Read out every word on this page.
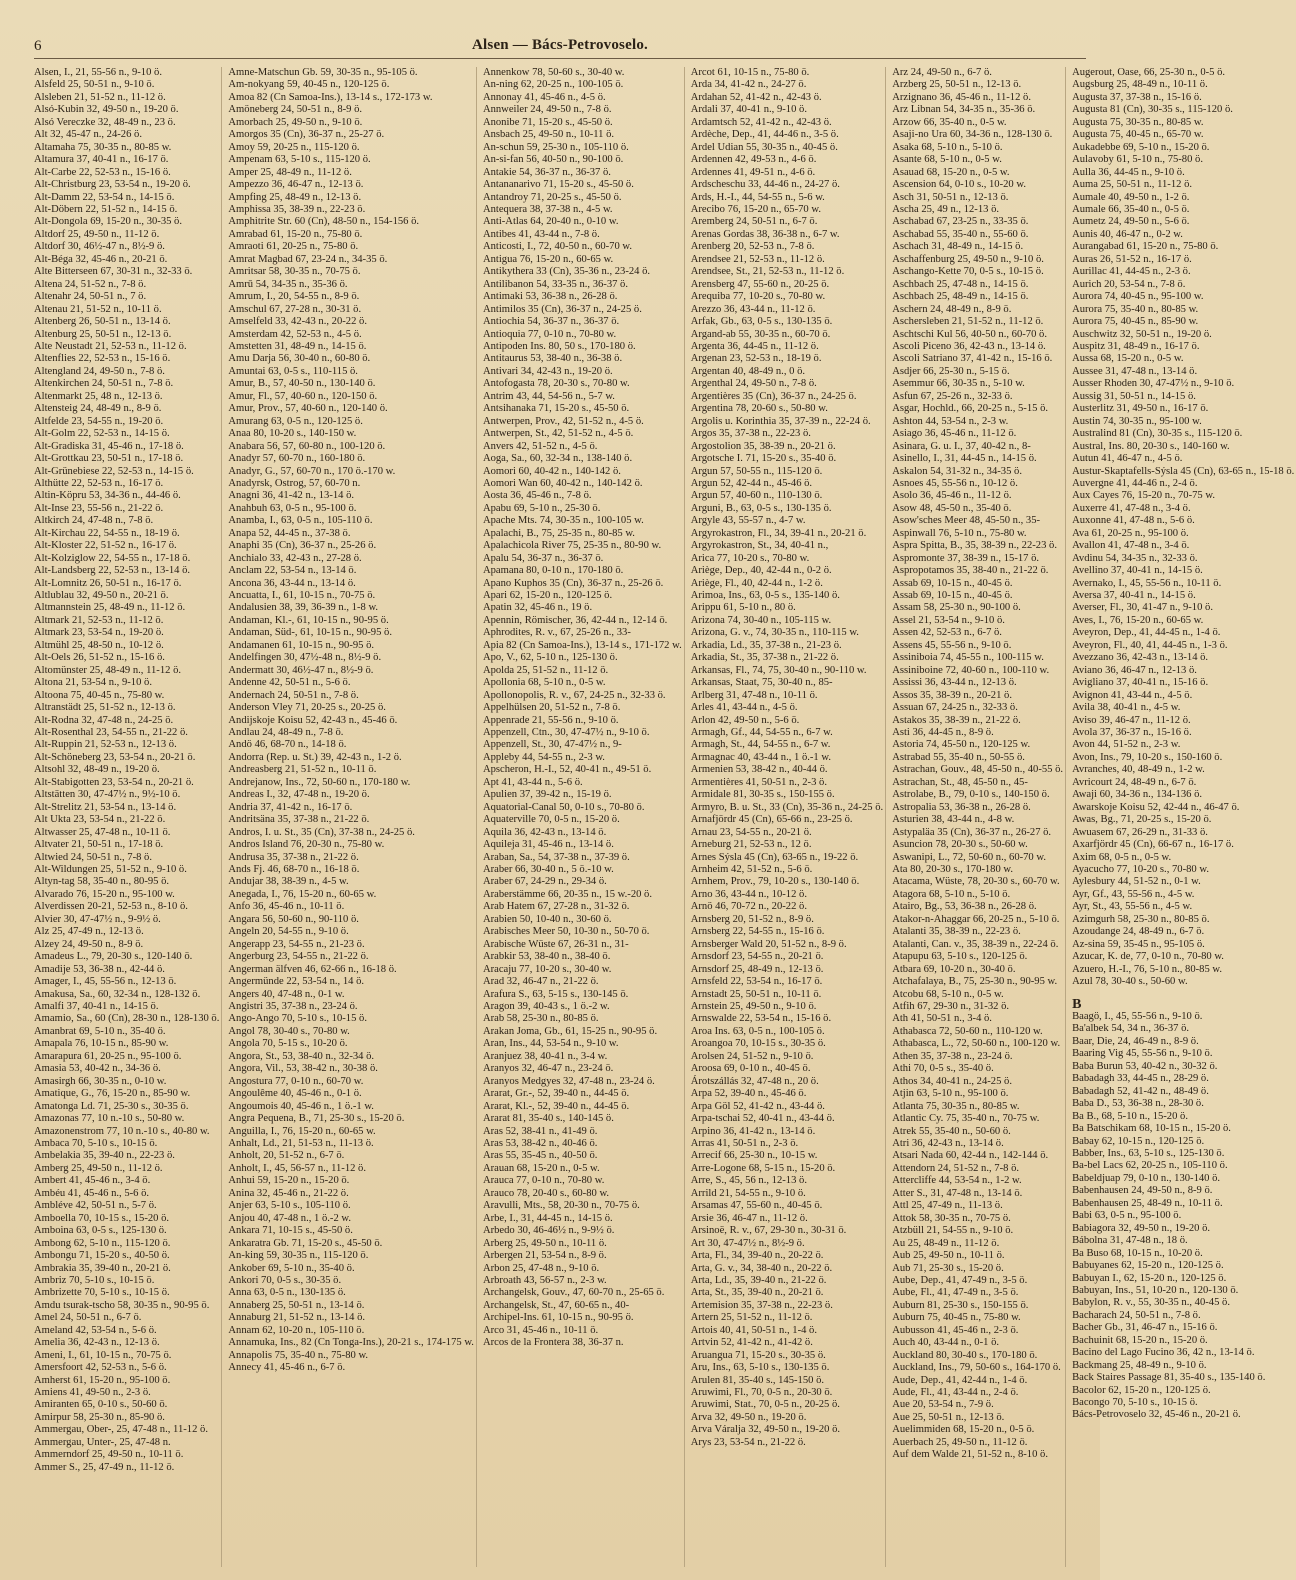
6	Alsen — Bács-Petrovoselo.
Alsen, I., 21, 55-56 n., 9-10 ö.
Alsfeld 25, 50-51 n., 9-10 ö.
Alsleben 21, 51-52 n., 11-12 ö.
Alsó-Kubin 32, 49-50 n., 19-20 ö.
Alsó Vereczke 32, 48-49 n., 23 ö.
Alt 32, 45-47 n., 24-26 ö.
Altamaha 75, 30-35 n., 80-85 w.
Altamura 37, 40-41 n., 16-17 ö.
Alt-Carbe 22, 52-53 n., 15-16 ö.
Alt-Christburg 23, 53-54 n., 19-20 ö.
Alt-Damm 22, 53-54 n., 14-15 ö.
Alt-Döbern 22, 51-52 n., 14-15 ö.
Alt-Dongola 69, 15-20 n., 30-35 ö.
Altdorf 25, 49-50 n., 11-12 ö.
Altdorf 30, 46½-47 n., 8½-9 ö.
Alt-Béga 32, 45-46 n., 20-21 ö.
Alte Bitterseen 67, 30-31 n., 32-33 ö.
Altena 24, 51-52 n., 7-8 ö.
Altenahr 24, 50-51 n., 7 ö.
Altenau 21, 51-52 n., 10-11 ö.
Altenberg 26, 50-51 n., 13-14 ö.
Altenburg 25, 50-51 n., 12-13 ö.
Alte Neustadt 21, 52-53 n., 11-12 ö.
Altenflies 22, 52-53 n., 15-16 ö.
Altengland 24, 49-50 n., 7-8 ö.
Altenkirchen 24, 50-51 n., 7-8 ö.
Altenmarkt 25, 48 n., 12-13 ö.
Altensteig 24, 48-49 n., 8-9 ö.
Altfelde 23, 54-55 n., 19-20 ö.
Alt-Golm 22, 52-53 n., 14-15 ö.
Alt-Gradiska 31, 45-46 n., 17-18 ö.
Alt-Grottkau 23, 50-51 n., 17-18 ö.
Alt-Grünebiese 22, 52-53 n., 14-15 ö.
Althütte 22, 52-53 n., 16-17 ö.
Altin-Köpru 53, 34-36 n., 44-46 ö.
Alt-Inse 23, 55-56 n., 21-22 ö.
Altkirch 24, 47-48 n., 7-8 ö.
Alt-Kirchau 22, 54-55 n., 18-19 ö.
Alt-Kloster 22, 51-52 n., 16-17 ö.
Alt-Kolziglow 22, 54-55 n., 17-18 ö.
Alt-Landsberg 22, 52-53 n., 13-14 ö.
Alt-Lomnitz 26, 50-51 n., 16-17 ö.
Altlublau 32, 49-50 n., 20-21 ö.
Altmannstein 25, 48-49 n., 11-12 ö.
Altmark 21, 52-53 n., 11-12 ö.
Altmark 23, 53-54 n., 19-20 ö.
Altmühl 25, 48-50 n., 10-12 ö.
Alt-Oels 26, 51-52 n., 15-16 ö.
Altomünster 25, 48-49 n., 11-12 ö.
Altona 21, 53-54 n., 9-10 ö.
Altoona 75, 40-45 n., 75-80 w.
Altranstädt 25, 51-52 n., 12-13 ö.
Alt-Rodna 32, 47-48 n., 24-25 ö.
Alt-Rosenthal 23, 54-55 n., 21-22 ö.
Alt-Ruppin 21, 52-53 n., 12-13 ö.
Alt-Schöneberg 23, 53-54 n., 20-21 ö.
Altsohl 32, 48-49 n., 19-20 ö.
Alt-Stabigotten 23, 53-54 n., 20-21 ö.
Altstätten 30, 47-47½ n., 9½-10 ö.
Alt-Strelitz 21, 53-54 n., 13-14 ö.
Alt Ukta 23, 53-54 n., 21-22 ö.
Altwasser 25, 47-48 n., 10-11 ö.
Altvater 21, 50-51 n., 17-18 ö.
Altwied 24, 50-51 n., 7-8 ö.
Alt-Wildungen 25, 51-52 n., 9-10 ö.
Altyn-tag 58, 35-40 n., 80-95 ö.
Alvarado 76, 15-20 n., 95-100 w.
Alverdissen 20-21, 52-53 n., 8-10 ö.
Alvier 30, 47-47½ n., 9-9½ ö.
Alz 25, 47-49 n., 12-13 ö.
Alzey 24, 49-50 n., 8-9 ö.
Amadeus L., 79, 20-30 s., 120-140 ö.
Amadije 53, 36-38 n., 42-44 ö.
Amager, I., 45, 55-56 n., 12-13 ö.
Amakusa, Sa., 60, 32-34 n., 128-132 ö.
Amalfi 37, 40-41 n., 14-15 ö.
Amamio, Sa., 60 (Cn), 28-30 n., 128-130 ö.
Amanbrat 69, 5-10 n., 35-40 ö.
Amapala 76, 10-15 n., 85-90 w.
Amarapura 61, 20-25 n., 95-100 ö.
Amasia 53, 40-42 n., 34-36 ö.
Amasirgh 66, 30-35 n., 0-10 w.
Amatique, G., 76, 15-20 n., 85-90 w.
Amatonga Ld. 71, 25-30 s., 30-35 ö.
Amazonas 77, 10 n.-10 s., 50-80 w.
Amazonenstrom 77, 10 n.-10 s., 40-80 w.
Ambaca 70, 5-10 s., 10-15 ö.
Ambelakia 35, 39-40 n., 22-23 ö.
Amberg 25, 49-50 n., 11-12 ö.
Ambert 41, 45-46 n., 3-4 ö.
Ambéu 41, 45-46 n., 5-6 ö.
Ambléve 42, 50-51 n., 5-7 ö.
Amboella 70, 10-15 s., 15-20 ö.
Amboina 63, 0-5 s., 125-130 ö.
Ambong 62, 5-10 n., 115-120 ö.
Ambongu 71, 15-20 s., 40-50 ö.
Ambrakia 35, 39-40 n., 20-21 ö.
Ambriz 70, 5-10 s., 10-15 ö.
Ambrizette 70, 5-10 s., 10-15 ö.
Amdu tsurak-tscho 58, 30-35 n., 90-95 ö.
Amel 24, 50-51 n., 6-7 ö.
Ameland 42, 53-54 n., 5-6 ö.
Amelia 36, 42-43 n., 12-13 ö.
Ameni, I., 61, 10-15 n., 70-75 ö.
Amersfoort 42, 52-53 n., 5-6 ö.
Amherst 61, 15-20 n., 95-100 ö.
Amiens 41, 49-50 n., 2-3 ö.
Amiranten 65, 0-10 s., 50-60 ö.
Amirpur 58, 25-30 n., 85-90 ö.
Ammergau, Ober-, 25, 47-48 n., 11-12 ö.
Ammergau, Unter-, 25, 47-48 n.
Ammerndorf 25, 49-50 n., 10-11 ö.
Ammer S., 25, 47-49 n., 11-12 ö.
Amne-Matschun Gb. 59, 30-35 n., 95-105 ö.
Am-nokyang 59, 40-45 n., 120-125 ö.
Amoa 82 (Cn Samoa-Ins.), 13-14 s., 172-173 w.
Amöneberg 24, 50-51 n., 8-9 ö.
Amorbach 25, 49-50 n., 9-10 ö.
Amorgos 35 (Cn), 36-37 n., 25-27 ö.
Amoy 59, 20-25 n., 115-120 ö.
Ampenam 63, 5-10 s., 115-120 ö.
Amper 25, 48-49 n., 11-12 ö.
Ampezzo 36, 46-47 n., 12-13 ö.
Ampfing 25, 48-49 n., 12-13 ö.
Amphissa 35, 38-39 n., 22-23 ö.
Amphitrite Str. 60 (Cn), 48-50 n., 154-156 ö.
Amrabad 61, 15-20 n., 75-80 ö.
Amraoti 61, 20-25 n., 75-80 ö.
Amrat Magbad 67, 23-24 n., 34-35 ö.
Amritsar 58, 30-35 n., 70-75 ö.
Amrū 54, 34-35 n., 35-36 ö.
Amrum, I., 20, 54-55 n., 8-9 ö.
Amschul 67, 27-28 n., 30-31 ö.
Amselfeld 33, 42-43 n., 20-22 ö.
Amsterdam 42, 52-53 n., 4-5 ö.
Amstetten 31, 48-49 n., 14-15 ö.
Amu Darja 56, 30-40 n., 60-80 ö.
Amuntai 63, 0-5 s., 110-115 ö.
Amur, B., 57, 40-50 n., 130-140 ö.
Amur, Fl., 57, 40-60 n., 120-150 ö.
Amur, Prov., 57, 40-60 n., 120-140 ö.
Amurang 63, 0-5 n., 120-125 ö.
Anaa 80, 10-20 s., 140-150 w.
Anabara 56, 57, 60-80 n., 100-120 ö.
Anadyr 57, 60-70 n., 160-180 ö.
Anadyr, G., 57, 60-70 n., 170 ö.-170 w.
Anadyrsk, Ostrog, 57, 60-70 n.
Anagni 36, 41-42 n., 13-14 ö.
Anahbuh 63, 0-5 n., 95-100 ö.
Anamba, I., 63, 0-5 n., 105-110 ö.
Anapa 52, 44-45 n., 37-38 ö.
Anaphi 35 (Cn), 36-37 n., 25-26 ö.
Anchialo 33, 42-43 n., 27-28 ö.
Anclam 22, 53-54 n., 13-14 ö.
Ancona 36, 43-44 n., 13-14 ö.
Ancuatta, I., 61, 10-15 n., 70-75 ö.
Andalusien 38, 39, 36-39 n., 1-8 w.
Andaman, Kl.-, 61, 10-15 n., 90-95 ö.
Andaman, Süd-, 61, 10-15 n., 90-95 ö.
Andamanen 61, 10-15 n., 90-95 ö.
Andelfingen 30, 47½-48 n., 8½-9 ö.
Andermatt 30, 46½-47 n., 8½-9 ö.
Andenne 42, 50-51 n., 5-6 ö.
Andernach 24, 50-51 n., 7-8 ö.
Anderson Vley 71, 20-25 s., 20-25 ö.
Andijskoje Koisu 52, 42-43 n., 45-46 ö.
Andlau 24, 48-49 n., 7-8 ö.
Andö 46, 68-70 n., 14-18 ö.
Andorra (Rep. u. St.) 39, 42-43 n., 1-2 ö.
Andreasberg 21, 51-52 n., 10-11 ö.
Andrejanow, Ins., 72, 50-60 n., 170-180 w.
Andreas I., 32, 47-48 n., 19-20 ö.
Andria 37, 41-42 n., 16-17 ö.
Andritsäna 35, 37-38 n., 21-22 ö.
Andros, I. u. St., 35 (Cn), 37-38 n., 24-25 ö.
Andros Island 76, 20-30 n., 75-80 w.
Andrusa 35, 37-38 n., 21-22 ö.
Ands Fj. 46, 68-70 n., 16-18 ö.
Andujar 38, 38-39 n., 4-5 w.
Anegada, I., 76, 15-20 n., 60-65 w.
Anfo 36, 45-46 n., 10-11 ö.
Angara 56, 50-60 n., 90-110 ö.
Angeln 20, 54-55 n., 9-10 ö.
Angerapp 23, 54-55 n., 21-23 ö.
Angerburg 23, 54-55 n., 21-22 ö.
Angerman älfven 46, 62-66 n., 16-18 ö.
Angermünde 22, 53-54 n., 14 ö.
Angers 40, 47-48 n., 0-1 w.
Angistri 35, 37-38 n., 23-24 ö.
Ango-Ango 70, 5-10 s., 10-15 ö.
Angol 78, 30-40 s., 70-80 w.
Angola 70, 5-15 s., 10-20 ö.
Angora, St., 53, 38-40 n., 32-34 ö.
Angora, Vil., 53, 38-42 n., 30-38 ö.
Angostura 77, 0-10 n., 60-70 w.
Angoulême 40, 45-46 n., 0-1 ö.
Angoumois 40, 45-46 n., 1 ö.-1 w.
Angra Pequena, B., 71, 25-30 s., 15-20 ö.
Anguilla, I., 76, 15-20 n., 60-65 w.
Anhalt, Ld., 21, 51-53 n., 11-13 ö.
Anholt, 20, 51-52 n., 6-7 ö.
Anholt, I., 45, 56-57 n., 11-12 ö.
Anhui 59, 15-20 n., 15-20 ö.
Anina 32, 45-46 n., 21-22 ö.
Anjer 63, 5-10 s., 105-110 ö.
Anjou 40, 47-48 n., 1 ö.-2 w.
Ankara 71, 10-15 s., 45-50 ö.
Ankaratra Gb. 71, 15-20 s., 45-50 ö.
An-king 59, 30-35 n., 115-120 ö.
Ankober 69, 5-10 n., 35-40 ö.
Ankori 70, 0-5 s., 30-35 ö.
Anna 63, 0-5 n., 130-135 ö.
Annaberg 25, 50-51 n., 13-14 ö.
Annaburg 21, 51-52 n., 13-14 ö.
Annam 62, 10-20 n., 105-110 ö.
Annamuka, Ins., 82 (Cn Tonga-Ins.), 20-21 s., 174-175 w.
Annapolis 75, 35-40 n., 75-80 w.
Annecy 41, 45-46 n., 6-7 ö.
Annenkow 78, 50-60 s., 30-40 w.
An-ning 62, 20-25 n., 100-105 ö.
Annonay 41, 45-46 n., 4-5 ö.
Annweiler 24, 49-50 n., 7-8 ö.
Anonibe 71, 15-20 s., 45-50 ö.
Ansbach 25, 49-50 n., 10-11 ö.
An-schun 59, 25-30 n., 105-110 ö.
An-si-fan 56, 40-50 n., 90-100 ö.
Antakie 54, 36-37 n., 36-37 ö.
Antananarivo 71, 15-20 s., 45-50 ö.
Antandroy 71, 20-25 s., 45-50 ö.
Antequera 38, 37-38 n., 4-5 w.
Anti-Atlas 64, 20-40 n., 0-10 w.
Antibes 41, 43-44 n., 7-8 ö.
Anticosti, I., 72, 40-50 n., 60-70 w.
Antigua 76, 15-20 n., 60-65 w.
Antikythera 33 (Cn), 35-36 n., 23-24 ö.
Antilibanon 54, 33-35 n., 36-37 ö.
Antimaki 53, 36-38 n., 26-28 ö.
Antimilos 35 (Cn), 36-37 n., 24-25 ö.
Antiochia 54, 36-37 n., 36-37 ö.
Antioquia 77, 0-10 n., 70-80 w.
Antipoden Ins. 80, 50 s., 170-180 ö.
Antitaurus 53, 38-40 n., 36-38 ö.
Antivari 34, 42-43 n., 19-20 ö.
Antofogasta 78, 20-30 s., 70-80 w.
Antrim 43, 44, 54-56 n., 5-7 w.
Antsihanaka 71, 15-20 s., 45-50 ö.
Antwerpen, Prov., 42, 51-52 n., 4-5 ö.
Antwerpen, St., 42, 51-52 n., 4-5 ö.
Anvers 42, 51-52 n., 4-5 ö.
Aoga, Sa., 60, 32-34 n., 138-140 ö.
Aomori 60, 40-42 n., 140-142 ö.
Aomori Wan 60, 40-42 n., 140-142 ö.
Aosta 36, 45-46 n., 7-8 ö.
Apabu 69, 5-10 n., 25-30 ö.
Apache Mts. 74, 30-35 n., 100-105 w.
Apalachi, B., 75, 25-35 n., 80-85 w.
Apalachicola River 75, 25-35 n., 80-90 w.
Apalu 54, 36-37 n., 36-37 ö.
Apamana 80, 0-10 n., 170-180 ö.
Apano Kuphos 35 (Cn), 36-37 n., 25-26 ö.
Apari 62, 15-20 n., 120-125 ö.
Apatin 32, 45-46 n., 19 ö.
Apennin, Römischer, 36, 42-44 n., 12-14 ö.
Aphrodites, R. v., 67, 25-26 n., 33-
Apia 82 (Cn Samoa-Ins.), 13-14 s., 171-172 w.
Apo, V., 62, 5-10 n., 125-130 ö.
Apolda 25, 51-52 n., 11-12 ö.
Apollonia 68, 5-10 n., 0-5 w.
Apollonopolis, R. v., 67, 24-25 n., 32-33 ö.
Appelhülsen 20, 51-52 n., 7-8 ö.
Appenrade 21, 55-56 n., 9-10 ö.
Appenzell, Ctn., 30, 47-47½ n., 9-10 ö.
Appenzell, St., 30, 47-47½ n., 9-
Appleby 44, 54-55 n., 2-3 w.
Apscheron, H.-I., 52, 40-41 n., 49-51 ö.
Apt 41, 43-44 n., 5-6 ö.
Apulien 37, 39-42 n., 15-19 ö.
Aquatorial-Canal 50, 0-10 s., 70-80 ö.
Aquaterville 70, 0-5 n., 15-20 ö.
Aquila 36, 42-43 n., 13-14 ö.
Aquileja 31, 45-46 n., 13-14 ö.
Araban, Sa., 54, 37-38 n., 37-39 ö.
Araber 66, 30-40 n., 5 ö.-10 w.
Araber 67, 24-29 n., 29-34 ö.
Araberstämme 66, 20-35 n., 15 w.-20 ö.
Arab Hatem 67, 27-28 n., 31-32 ö.
Arabien 50, 10-40 n., 30-60 ö.
Arabisches Meer 50, 10-30 n., 50-70 ö.
Arabische Wüste 67, 26-31 n., 31-
Arabkir 53, 38-40 n., 38-40 ö.
Aracaju 77, 10-20 s., 30-40 w.
Arad 32, 46-47 n., 21-22 ö.
Arafura S., 63, 5-15 s., 130-145 ö.
Aragon 39, 40-43 s., 1 ö.-2 w.
Arab 58, 25-30 n., 80-85 ö.
Arakan Joma, Gb., 61, 15-25 n., 90-95 ö.
Aran, Ins., 44, 53-54 n., 9-10 w.
Aranjuez 38, 40-41 n., 3-4 w.
Aranyos 32, 46-47 n., 23-24 ö.
Aranyos Medgyes 32, 47-48 n., 23-24 ö.
Ararat, Gr.-, 52, 39-40 n., 44-45 ö.
Ararat, Kl.-, 52, 39-40 n., 44-45 ö.
Ararat 81, 35-40 s., 140-145 ö.
Aras 52, 38-41 n., 41-49 ö.
Aras 53, 38-42 n., 40-46 ö.
Aras 55, 35-45 n., 40-50 ö.
Arauan 68, 15-20 n., 0-5 w.
Arauca 77, 0-10 n., 70-80 w.
Arauco 78, 20-40 s., 60-80 w.
Aravulli, Mts., 58, 20-30 n., 70-75 ö.
Arbe, I., 31, 44-45 n., 14-15 ö.
Arbedo 30, 46-46½ n., 9-9½ ö.
Arberg 25, 49-50 n., 10-11 ö.
Arbergen 21, 53-54 n., 8-9 ö.
Arbon 25, 47-48 n., 9-10 ö.
Arbroath 43, 56-57 n., 2-3 w.
Archangelsk, Gouv., 47, 60-70 n., 25-65 ö.
Archangelsk, St., 47, 60-65 n., 40-
Archipel-Ins. 61, 10-15 n., 90-95 ö.
Arco 31, 45-46 n., 10-11 ö.
Arcos de la Frontera 38, 36-37 n.
Arcot 61, 10-15 n., 75-80 ö.
Arda 34, 41-42 n., 24-27 ö.
Ardahan 52, 41-42 n., 42-43 ö.
Ardali 37, 40-41 n., 9-10 ö.
Ardamtsch 52, 41-42 n., 42-43 ö.
Ardèche, Dep., 41, 44-46 n., 3-5 ö.
Ardel Udian 55, 30-35 n., 40-45 ö.
Ardennen 42, 49-53 n., 4-6 ö.
Ardennes 41, 49-51 n., 4-6 ö.
Ardscheschu 33, 44-46 n., 24-27 ö.
Ards, H.-I., 44, 54-55 n., 5-6 w.
Arecibo 76, 15-20 n., 65-70 w.
Aremberg 24, 50-51 n., 6-7 ö.
Arenas Gordas 38, 36-38 n., 6-7 w.
Arenberg 20, 52-53 n., 7-8 ö.
Arendsee 21, 52-53 n., 11-12 ö.
Arendsee, St., 21, 52-53 n., 11-12 ö.
Arensberg 47, 55-60 n., 20-25 ö.
Arequiba 77, 10-20 s., 70-80 w.
Arezzo 36, 43-44 n., 11-12 ö.
Arfak, Gb., 63, 0-5 s., 130-135 ö.
Argand-ab 55, 30-35 n., 60-70 ö.
Argenta 36, 44-45 n., 11-12 ö.
Argenan 23, 52-53 n., 18-19 ö.
Argentan 40, 48-49 n., 0 ö.
Argenthal 24, 49-50 n., 7-8 ö.
Argentières 35 (Cn), 36-37 n., 24-25 ö.
Argentina 78, 20-60 s., 50-80 w.
Argolis u. Korinthia 35, 37-39 n., 22-24 ö.
Argos 35, 37-38 n., 22-23 ö.
Argostolion 35, 38-39 n., 20-21 ö.
Argotsche I. 71, 15-20 s., 35-40 ö.
Argun 57, 50-55 n., 115-120 ö.
Argun 52, 42-44 n., 45-46 ö.
Argun 57, 40-60 n., 110-130 ö.
Arguni, B., 63, 0-5 s., 130-135 ö.
Argyle 43, 55-57 n., 4-7 w.
Argyrokastron, Fl., 34, 39-41 n., 20-21 ö.
Argyrokastron, St., 34, 40-41 n.,
Arica 77, 10-20 s., 70-80 w.
Ariège, Dep., 40, 42-44 n., 0-2 ö.
Ariège, Fl., 40, 42-44 n., 1-2 ö.
Arimoa, Ins., 63, 0-5 s., 135-140 ö.
Arippu 61, 5-10 n., 80 ö.
Arizona 74, 30-40 n., 105-115 w.
Arizona, G. v., 74, 30-35 n., 110-115 w.
Arkadia, Ld., 35, 37-38 n., 21-23 ö.
Arkadia, St., 35, 37-38 n., 21-22 ö.
Arkansas, Fl., 74, 75, 30-40 n., 90-110 w.
Arkansas, Staat, 75, 30-40 n., 85-
Arlberg 31, 47-48 n., 10-11 ö.
Arles 41, 43-44 n., 4-5 ö.
Arlon 42, 49-50 n., 5-6 ö.
Armagh, Gf., 44, 54-55 n., 6-7 w.
Armagh, St., 44, 54-55 n., 6-7 w.
Armagnac 40, 43-44 n., 1 ö.-1 w.
Armenien 53, 38-42 n., 40-44 ö.
Armentières 41, 50-51 n., 2-3 ö.
Armidale 81, 30-35 s., 150-155 ö.
Armyro, B. u. St., 33 (Cn), 35-36 n., 24-25 ö.
Arnafjördr 45 (Cn), 65-66 n., 23-25 ö.
Arnau 23, 54-55 n., 20-21 ö.
Arneburg 21, 52-53 n., 12 ö.
Arnes Sýsla 45 (Cn), 63-65 n., 19-22 ö.
Arnheim 42, 51-52 n., 5-6 ö.
Arnhem, Prov., 79, 10-20 s., 130-140 ö.
Arno 36, 43-44 n., 10-12 ö.
Arnö 46, 70-72 n., 20-22 ö.
Arnsberg 20, 51-52 n., 8-9 ö.
Arnsberg 22, 54-55 n., 15-16 ö.
Arnsberger Wald 20, 51-52 n., 8-9 ö.
Arnsdorf 23, 54-55 n., 20-21 ö.
Arnsdorf 25, 48-49 n., 12-13 ö.
Arnsfeld 22, 53-54 n., 16-17 ö.
Arnstadt 25, 50-51 n., 10-11 ö.
Arnstein 25, 49-50 n., 9-10 ö.
Arnswalde 22, 53-54 n., 15-16 ö.
Aroa Ins. 63, 0-5 n., 100-105 ö.
Aroangoa 70, 10-15 s., 30-35 ö.
Arolsen 24, 51-52 n., 9-10 ö.
Aroosa 69, 0-10 n., 40-45 ö.
Árotszállás 32, 47-48 n., 20 ö.
Arpa 52, 39-40 n., 45-46 ö.
Arpa Göl 52, 41-42 n., 43-44 ö.
Arpa-tschai 52, 40-41 n., 43-44 ö.
Arpino 36, 41-42 n., 13-14 ö.
Arras 41, 50-51 n., 2-3 ö.
Arrecif 66, 25-30 n., 10-15 w.
Arre-Logone 68, 5-15 n., 15-20 ö.
Arre, S., 45, 56 n., 12-13 ö.
Arrild 21, 54-55 n., 9-10 ö.
Arsamas 47, 55-60 n., 40-45 ö.
Arsie 36, 46-47 n., 11-12 ö.
Arsinoë, R. v., 67, 29-30 n., 30-31 ö.
Art 30, 47-47½ n., 8½-9 ö.
Arta, Fl., 34, 39-40 n., 20-22 ö.
Arta, G. v., 34, 38-40 n., 20-22 ö.
Arta, Ld., 35, 39-40 n., 21-22 ö.
Arta, St., 35, 39-40 n., 20-21 ö.
Artemision 35, 37-38 n., 22-23 ö.
Artern 25, 51-52 n., 11-12 ö.
Artois 40, 41, 50-51 n., 1-4 ö.
Artvin 52, 41-42 n., 41-42 ö.
Aruangua 71, 15-20 s., 30-35 ö.
Aru, Ins., 63, 5-10 s., 130-135 ö.
Arulen 81, 35-40 s., 145-150 ö.
Aruwimi, Fl., 70, 0-5 n., 20-30 ö.
Aruwimi, Stat., 70, 0-5 n., 20-25 ö.
Arva 32, 49-50 n., 19-20 ö.
Arva Váralja 32, 49-50 n., 19-20 ö.
Arys 23, 53-54 n., 21-22 ö.
Arz 24, 49-50 n., 6-7 ö.
Arzberg 25, 50-51 n., 12-13 ö.
Arzignano 36, 45-46 n., 11-12 ö.
Arz Libnan 54, 34-35 n., 35-36 ö.
Arzow 66, 35-40 n., 0-5 w.
Asaji-no Ura 60, 34-36 n., 128-130 ö.
Asaka 68, 5-10 n., 5-10 ö.
Asante 68, 5-10 n., 0-5 w.
Asauad 68, 15-20 n., 0-5 w.
Ascension 64, 0-10 s., 10-20 w.
Asch 31, 50-51 n., 12-13 ö.
Ascha 25, 49 n., 12-13 ö.
Aschabad 67, 23-25 n., 33-35 ö.
Aschabad 55, 35-40 n., 55-60 ö.
Aschach 31, 48-49 n., 14-15 ö.
Aschaffenburg 25, 49-50 n., 9-10 ö.
Aschango-Kette 70, 0-5 s., 10-15 ö.
Aschbach 25, 47-48 n., 14-15 ö.
Aschbach 25, 48-49 n., 14-15 ö.
Aschern 24, 48-49 n., 8-9 ö.
Aschersleben 21, 51-52 n., 11-12 ö.
Aschtschi Kul 56, 40-50 n., 60-70 ö.
Ascoli Piceno 36, 42-43 n., 13-14 ö.
Ascoli Satriano 37, 41-42 n., 15-16 ö.
Asdjer 66, 25-30 n., 5-15 ö.
Asemmur 66, 30-35 n., 5-10 w.
Asfun 67, 25-26 n., 32-33 ö.
Asgar, Hochld., 66, 20-25 n., 5-15 ö.
Ashton 44, 53-54 n., 2-3 w.
Asiago 36, 45-46 n., 11-12 ö.
Asinara, G. u. I., 37, 40-42 n., 8-
Asinello, I., 31, 44-45 n., 14-15 ö.
Askalon 54, 31-32 n., 34-35 ö.
Asnoes 45, 55-56 n., 10-12 ö.
Asolo 36, 45-46 n., 11-12 ö.
Asow 48, 45-50 n., 35-40 ö.
Asow'sches Meer 48, 45-50 n., 35-
Aspinwall 76, 5-10 n., 75-80 w.
Aspra Spitta, B., 35, 38-39 n., 22-23 ö.
Aspromonte 37, 38-39 n., 15-17 ö.
Aspropotamos 35, 38-40 n., 21-22 ö.
Assab 69, 10-15 n., 40-45 ö.
Assab 69, 10-15 n., 40-45 ö.
Assam 58, 25-30 n., 90-100 ö.
Assel 21, 53-54 n., 9-10 ö.
Assen 42, 52-53 n., 6-7 ö.
Assens 45, 55-56 n., 9-10 ö.
Assiniboia 74, 45-55 n., 100-115 w.
Assiniboine 72, 40-60 n., 100-110 w.
Assissi 36, 43-44 n., 12-13 ö.
Assos 35, 38-39 n., 20-21 ö.
Assuan 67, 24-25 n., 32-33 ö.
Astakos 35, 38-39 n., 21-22 ö.
Asti 36, 44-45 n., 8-9 ö.
Astoria 74, 45-50 n., 120-125 w.
Astrabad 55, 35-40 n., 50-55 ö.
Astrachan, Gouv., 48, 45-50 n., 40-55 ö.
Astrachan, St., 48, 45-50 n., 45-
Astrolabe, B., 79, 0-10 s., 140-150 ö.
Astropalia 53, 36-38 n., 26-28 ö.
Asturien 38, 43-44 n., 4-8 w.
Astypaläa 35 (Cn), 36-37 n., 26-27 ö.
Asuncion 78, 20-30 s., 50-60 w.
Aswanipi, L., 72, 50-60 n., 60-70 w.
Ata 80, 20-30 s., 170-180 w.
Atacama, Wüste, 78, 20-30 s., 60-70 w.
Atagora 68, 5-10 n., 5-10 ö.
Atairo, Bg., 53, 36-38 n., 26-28 ö.
Atakor-n-Ahaggar 66, 20-25 n., 5-10 ö.
Atalanti 35, 38-39 n., 22-23 ö.
Atalanti, Can. v., 35, 38-39 n., 22-24 ö.
Atapupu 63, 5-10 s., 120-125 ö.
Atbara 69, 10-20 n., 30-40 ö.
Atchafalaya, B., 75, 25-30 n., 90-95 w.
Atcobu 68, 5-10 n., 0-5 w.
Atfih 67, 29-30 n., 31-32 ö.
Ath 41, 50-51 n., 3-4 ö.
Athabasca 72, 50-60 n., 110-120 w.
Athabasca, L., 72, 50-60 n., 100-120 w.
Athen 35, 37-38 n., 23-24 ö.
Athi 70, 0-5 s., 35-40 ö.
Athos 34, 40-41 n., 24-25 ö.
Atjin 63, 5-10 n., 95-100 ö.
Atlanta 75, 30-35 n., 80-85 w.
Atlantic Cy. 75, 35-40 n., 70-75 w.
Atrek 55, 35-40 n., 50-60 ö.
Atri 36, 42-43 n., 13-14 ö.
Atsari Nada 60, 42-44 n., 142-144 ö.
Attendorn 24, 51-52 n., 7-8 ö.
Attercliffe 44, 53-54 n., 1-2 w.
Atter S., 31, 47-48 n., 13-14 ö.
Attl 25, 47-49 n., 11-13 ö.
Attok 58, 30-35 n., 70-75 ö.
Atzbüll 21, 54-55 n., 9-10 ö.
Au 25, 48-49 n., 11-12 ö.
Aub 25, 49-50 n., 10-11 ö.
Aub 71, 25-30 s., 15-20 ö.
Aube, Dep., 41, 47-49 n., 3-5 ö.
Aube, Fl., 41, 47-49 n., 3-5 ö.
Auburn 81, 25-30 s., 150-155 ö.
Auburn 75, 40-45 n., 75-80 w.
Aubusson 41, 45-46 n., 2-3 ö.
Auch 40, 43-44 n., 0-1 ö.
Auckland 80, 30-40 s., 170-180 ö.
Auckland, Ins., 79, 50-60 s., 164-170 ö.
Aude, Dep., 41, 42-44 n., 1-4 ö.
Aude, Fl., 41, 43-44 n., 2-4 ö.
Aue 20, 53-54 n., 7-9 ö.
Aue 25, 50-51 n., 12-13 ö.
Auelimmiden 68, 15-20 n., 0-5 ö.
Auerbach 25, 49-50 n., 11-12 ö.
Auf dem Walde 21, 51-52 n., 8-10 ö.
Augerout, Oase, 66, 25-30 n., 0-5 ö.
Augsburg 25, 48-49 n., 10-11 ö.
Augusta 37, 37-38 n., 15-16 ö.
Augusta 81 (Cn), 30-35 s., 115-120 ö.
Augusta 75, 30-35 n., 80-85 w.
Augusta 75, 40-45 n., 65-70 w.
Aukadebbe 69, 5-10 n., 15-20 ö.
Aulavoby 61, 5-10 n., 75-80 ö.
Aulla 36, 44-45 n., 9-10 ö.
Auma 25, 50-51 n., 11-12 ö.
Aumale 40, 49-50 n., 1-2 ö.
Aumale 66, 35-40 n., 0-5 ö.
Aumetz 24, 49-50 n., 5-6 ö.
Aunis 40, 46-47 n., 0-2 w.
Aurangabad 61, 15-20 n., 75-80 ö.
Auras 26, 51-52 n., 16-17 ö.
Aurillac 41, 44-45 n., 2-3 ö.
Aurich 20, 53-54 n., 7-8 ö.
Aurora 74, 40-45 n., 95-100 w.
Aurora 75, 35-40 n., 80-85 w.
Aurora 75, 40-45 n., 85-90 w.
Auschwitz 32, 50-51 n., 19-20 ö.
Auspitz 31, 48-49 n., 16-17 ö.
Aussa 68, 15-20 n., 0-5 w.
Aussee 31, 47-48 n., 13-14 ö.
Ausser Rhoden 30, 47-47½ n., 9-10 ö.
Aussig 31, 50-51 n., 14-15 ö.
Austerlitz 31, 49-50 n., 16-17 ö.
Austin 74, 30-35 n., 95-100 w.
Australind 81 (Cn), 30-35 s., 115-120 ö.
Austral, Ins. 80, 20-30 s., 140-160 w.
Autun 41, 46-47 n., 4-5 ö.
Austur-Skaptafells-Sýsla 45 (Cn), 63-65 n., 15-18 ö.
Auvergne 41, 44-46 n., 2-4 ö.
Aux Cayes 76, 15-20 n., 70-75 w.
Auxerre 41, 47-48 n., 3-4 ö.
Auxonne 41, 47-48 n., 5-6 ö.
Ava 61, 20-25 n., 95-100 ö.
Avallon 41, 47-48 n., 3-4 ö.
Avdinu 54, 34-35 n., 32-33 ö.
Avellino 37, 40-41 n., 14-15 ö.
Avernako, I., 45, 55-56 n., 10-11 ö.
Aversa 37, 40-41 n., 14-15 ö.
Averser, Fl., 30, 41-47 n., 9-10 ö.
Aves, I., 76, 15-20 n., 60-65 w.
Aveyron, Dep., 41, 44-45 n., 1-4 ö.
Aveyron, Fl., 40, 41, 44-45 n., 1-3 ö.
Avezzano 36, 42-43 n., 13-14 ö.
Aviano 36, 46-47 n., 12-13 ö.
Avigliano 37, 40-41 n., 15-16 ö.
Avignon 41, 43-44 n., 4-5 ö.
Avila 38, 40-41 n., 4-5 w.
Aviso 39, 46-47 n., 11-12 ö.
Avola 37, 36-37 n., 15-16 ö.
Avon 44, 51-52 n., 2-3 w.
Avon, Ins., 79, 10-20 s., 150-160 ö.
Avranches, 40, 48-49 n., 1-2 w.
Avricourt 24, 48-49 n., 6-7 ö.
Awaji 60, 34-36 n., 134-136 ö.
Awarskoje Koisu 52, 42-44 n., 46-47 ö.
Awas, Bg., 71, 20-25 s., 15-20 ö.
Awuasem 67, 26-29 n., 31-33 ö.
Axarfjördr 45 (Cn), 66-67 n., 16-17 ö.
Axim 68, 0-5 n., 0-5 w.
Ayacucho 77, 10-20 s., 70-80 w.
Aylesbury 44, 51-52 n., 0-1 w.
Ayr, Gf., 43, 55-56 n., 4-5 w.
Ayr, St., 43, 55-56 n., 4-5 w.
Azimgurh 58, 25-30 n., 80-85 ö.
Azoudange 24, 48-49 n., 6-7 ö.
Az-sina 59, 35-45 n., 95-105 ö.
Azucar, K. de, 77, 0-10 n., 70-80 w.
Azuero, H.-I., 76, 5-10 n., 80-85 w.
Azul 78, 30-40 s., 50-60 w.
B
Baagö, I., 45, 55-56 n., 9-10 ö.
Ba'albek 54, 34 n., 36-37 ö.
Baar, Die, 24, 46-49 n., 8-9 ö.
Baaring Vig 45, 55-56 n., 9-10 ö.
Baba Burun 53, 40-42 n., 30-32 ö.
Babadagh 33, 44-45 n., 28-29 ö.
Babadagh 52, 41-42 n., 48-49 ö.
Baba D., 53, 36-38 n., 28-30 ö.
Ba B., 68, 5-10 n., 15-20 ö.
Ba Batschikam 68, 10-15 n., 15-20 ö.
Babay 62, 10-15 n., 120-125 ö.
Babber, Ins., 63, 5-10 s., 125-130 ö.
Ba-bel Lacs 62, 20-25 n., 105-110 ö.
Babeldjuap 79, 0-10 n., 130-140 ö.
Babenhausen 24, 49-50 n., 8-9 ö.
Babenhausen 25, 48-49 n., 10-11 ö.
Babi 63, 0-5 n., 95-100 ö.
Babiagora 32, 49-50 n., 19-20 ö.
Bábolna 31, 47-48 n., 18 ö.
Ba Buso 68, 10-15 n., 10-20 ö.
Babuyanes 62, 15-20 n., 120-125 ö.
Babuyan I., 62, 15-20 n., 120-125 ö.
Babuyan, Ins., 51, 10-20 n., 120-130 ö.
Babylon, R. v., 55, 30-35 n., 40-45 ö.
Bacharach 24, 50-51 n., 7-8 ö.
Bacher Gb., 31, 46-47 n., 15-16 ö.
Bachuinit 68, 15-20 n., 15-20 ö.
Bacino del Lago Fucino 36, 42 n., 13-14 ö.
Backmang 25, 48-49 n., 9-10 ö.
Back Staires Passage 81, 35-40 s., 135-140 ö.
Bacolor 62, 15-20 n., 120-125 ö.
Bacongo 70, 5-10 s., 10-15 ö.
Bács-Petrovoselo 32, 45-46 n., 20-21 ö.
